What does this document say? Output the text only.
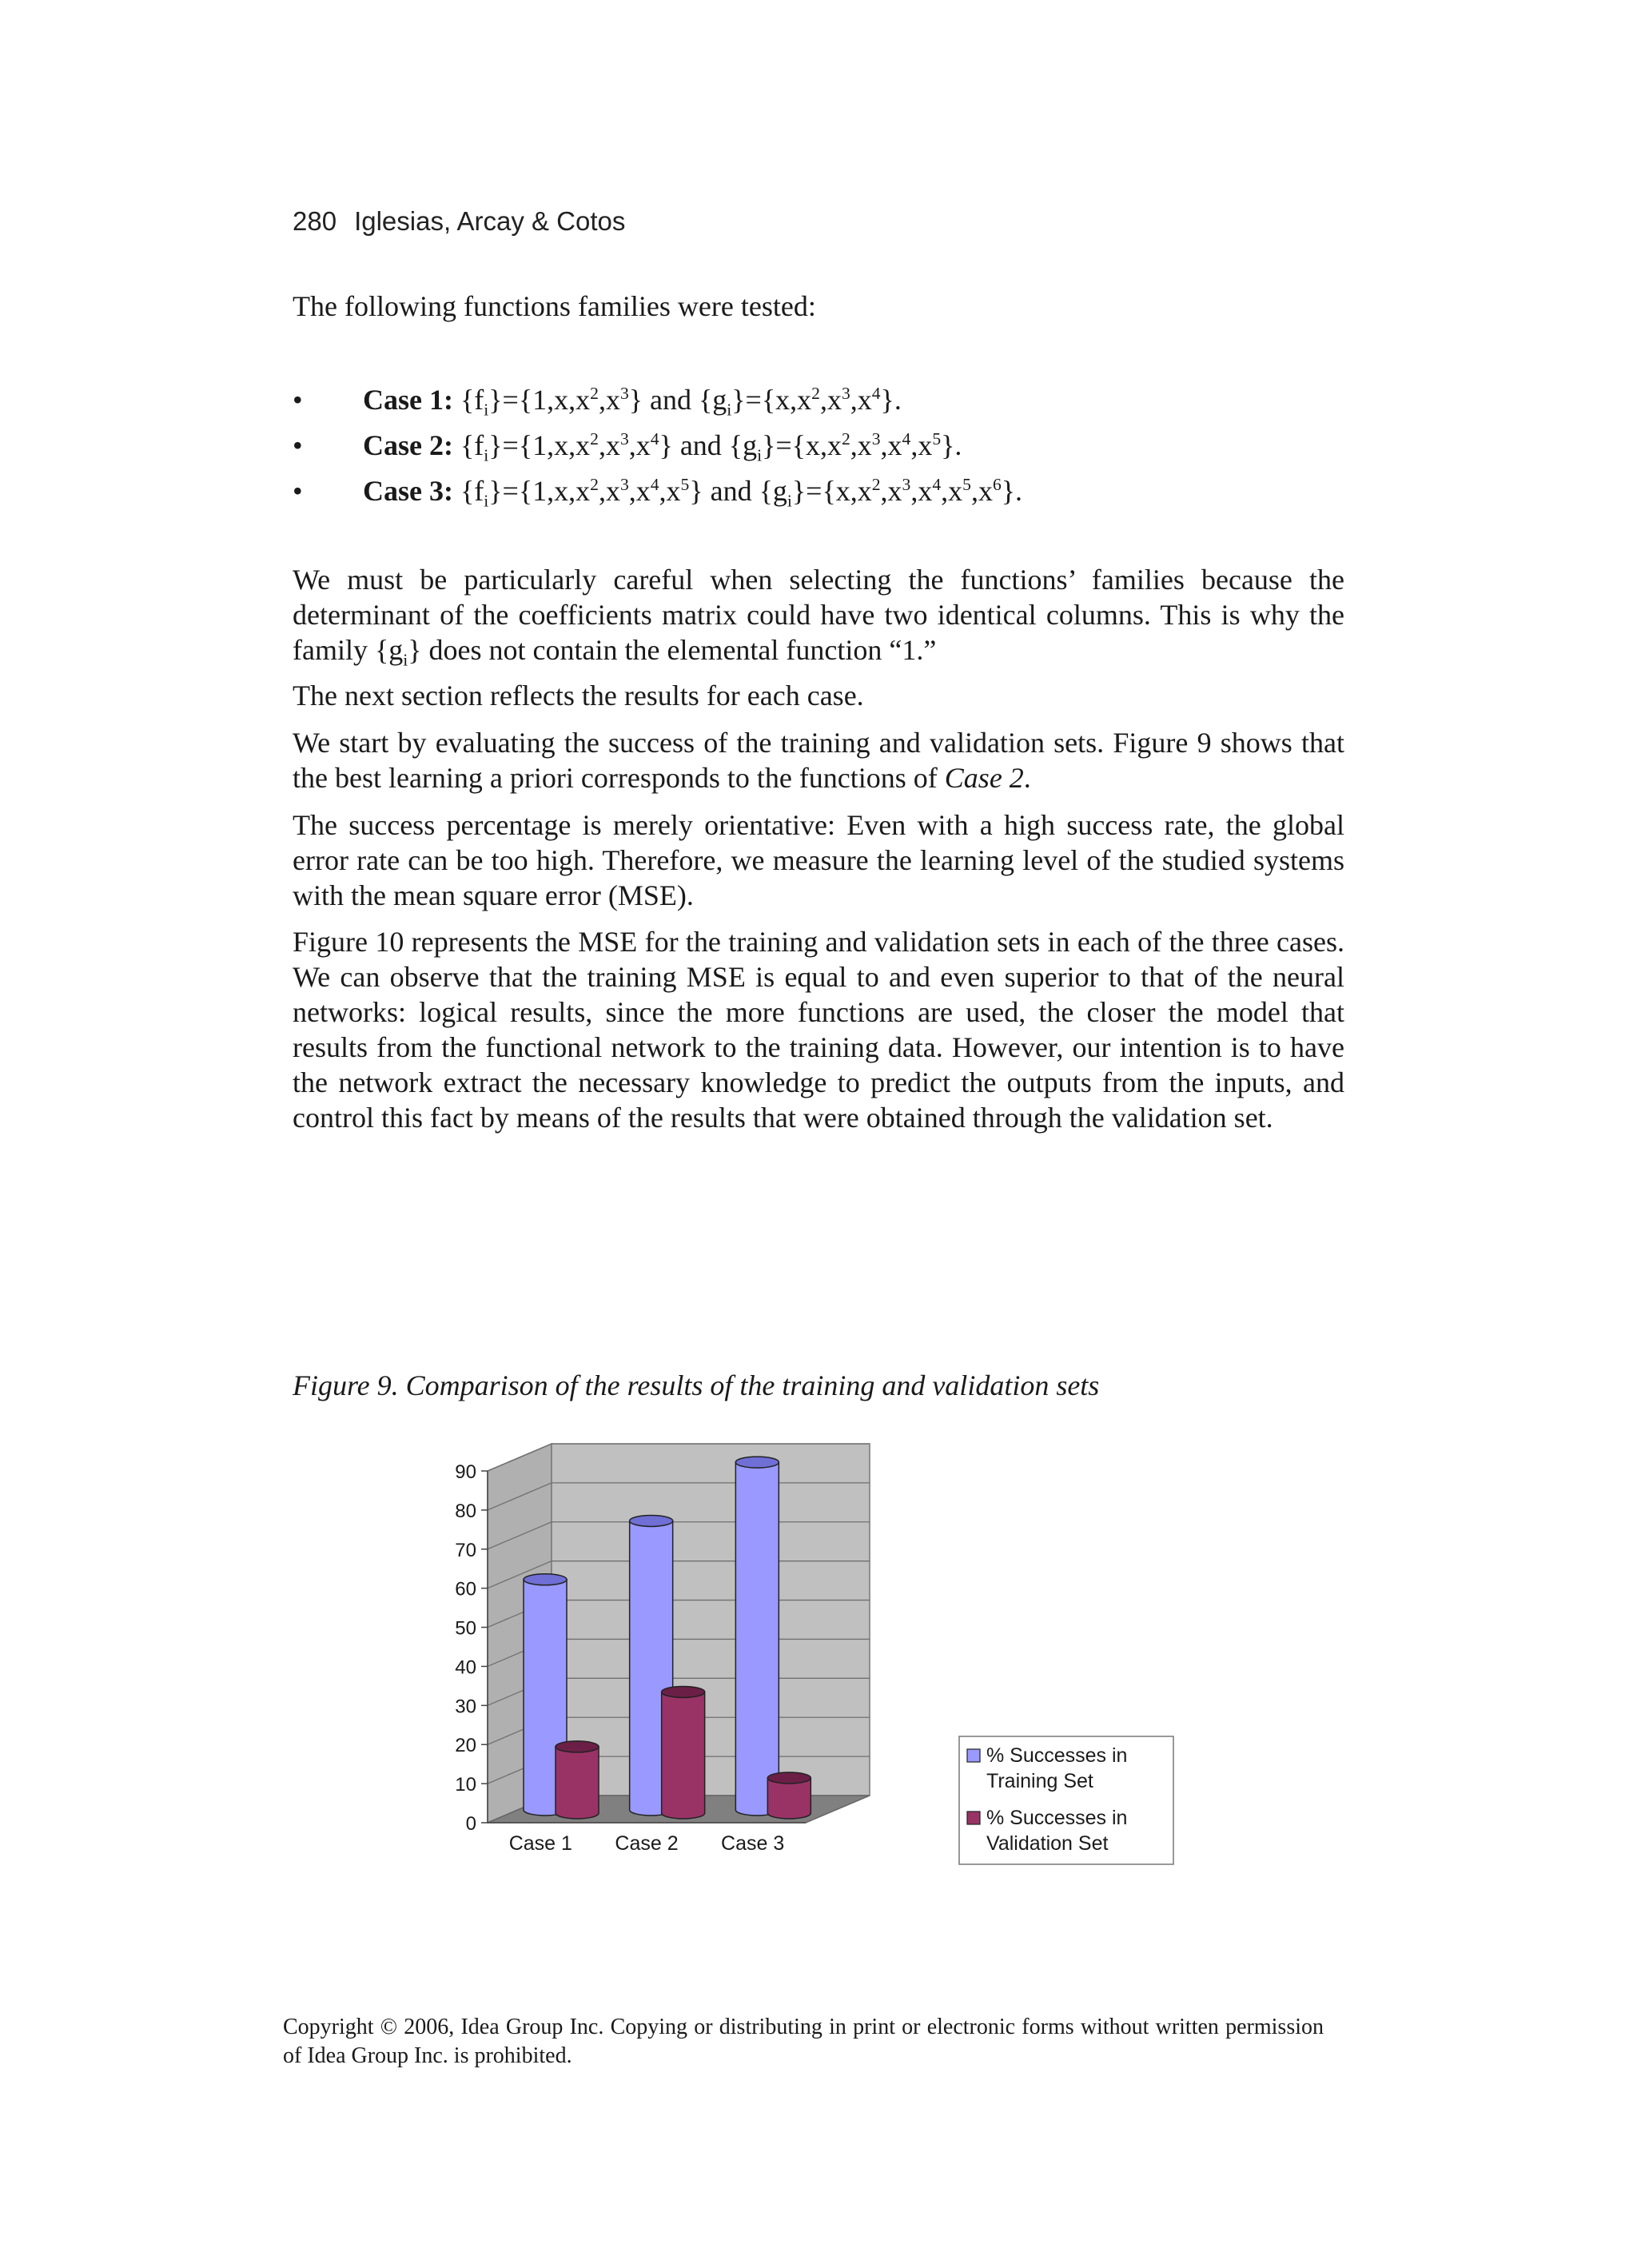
280 Iglesias, Arcay & Cotos

The following functions families were tested:

• Case 1: $\{f_i\}=\{1,x,x^2,x^3\}$ and $\{g_i\}=\{x,x^2,x^3,x^4\}$.
• Case 2: $\{f_i\}=\{1,x,x^2,x^3,x^4\}$ and $\{g_i\}=\{x,x^2,x^3,x^4,x^5\}$.
• Case 3: $\{f_i\}=\{1,x,x^2,x^3,x^4,x^5\}$ and $\{g_i\}=\{x,x^2,x^3,x^4,x^5,x^6\}$.

We must be particularly careful when selecting the functions’ families because the determinant of the coefficients matrix could have two identical columns. This is why the family $\{g_i\}$ does not contain the elemental function “1.”

The next section reflects the results for each case.

We start by evaluating the success of the training and validation sets. Figure 9 shows that the best learning a priori corresponds to the functions of Case 2.

The success percentage is merely orientative: Even with a high success rate, the global error rate can be too high. Therefore, we measure the learning level of the studied systems with the mean square error (MSE).

Figure 10 represents the MSE for the training and validation sets in each of the three cases. We can observe that the training MSE is equal to and even superior to that of the neural networks: logical results, since the more functions are used, the closer the model that results from the functional network to the training data. However, our intention is to have the network extract the necessary knowledge to predict the outputs from the inputs, and control this fact by means of the results that were obtained through the validation set.

Figure 9. Comparison of the results of the training and validation sets
0
10
20
30
40
50
60
70
80
90
Case 1 Case 2 Case 3
% Successes in
Training Set
% Successes in
Validation Set
Copyright © 2006, Idea Group Inc. Copying or distributing in print or electronic forms without written permission of Idea Group Inc. is prohibited.
